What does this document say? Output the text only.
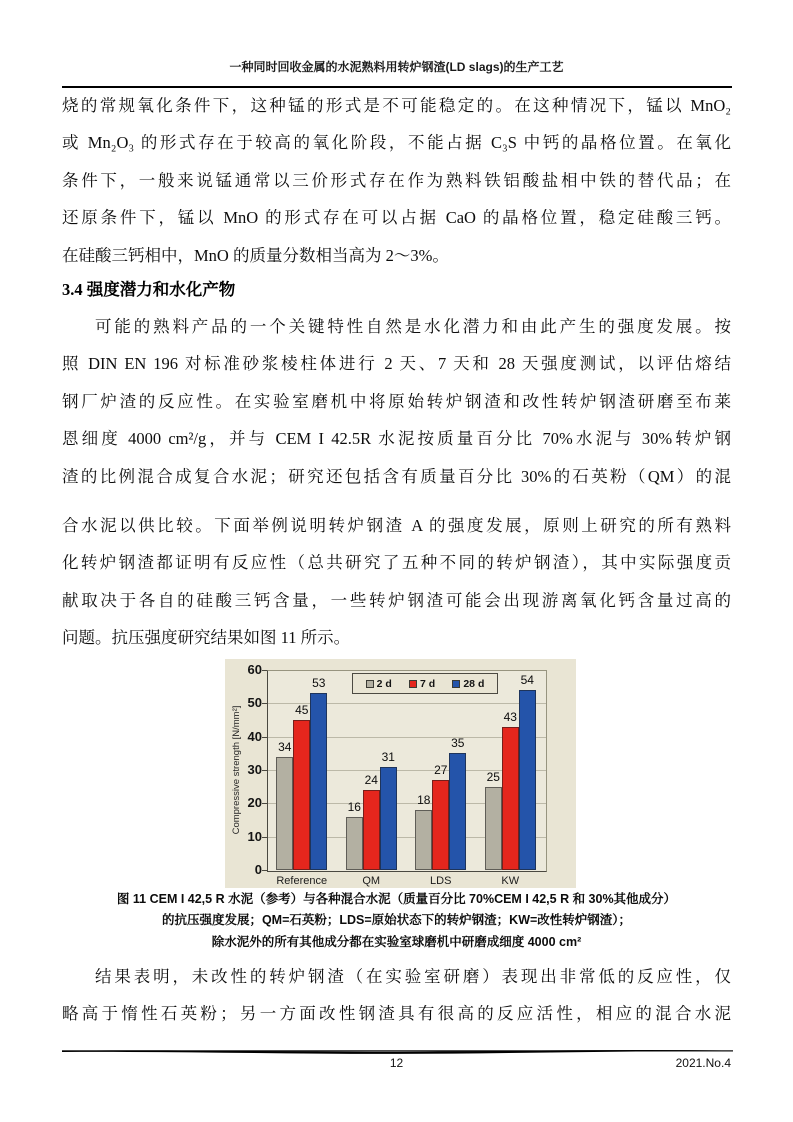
一种同时回收金属的水泥熟料用转炉钢渣(LD slags)的生产工艺
烧的常规氧化条件下，这种锰的形式是不可能稳定的。在这种情况下，锰以 MnO₂
或 Mn₂O₃ 的形式存在于较高的氧化阶段，不能占据 C₃S 中钙的晶格位置。在氧化
条件下，一般来说锰通常以三价形式存在作为熟料铁铝酸盐相中铁的替代品；在
还原条件下，锰以 MnO 的形式存在可以占据 CaO 的晶格位置，稳定硅酸三钙。
在硅酸三钙相中，MnO 的质量分数相当高为 2～3%。
3.4 强度潜力和水化产物
可能的熟料产品的一个关键特性自然是水化潜力和由此产生的强度发展。按
照 DIN EN 196 对标准砂浆棱柱体进行 2 天、7 天和 28 天强度测试，以评估熔结
钢厂炉渣的反应性。在实验室磨机中将原始转炉钢渣和改性转炉钢渣研磨至布莱
恩细度 4000 cm²/g，并与 CEM I 42.5R 水泥按质量百分比 70%水泥与 30%转炉钢
渣的比例混合成复合水泥；研究还包括含有质量百分比 30%的石英粉（QM）的混
合水泥以供比较。下面举例说明转炉钢渣 A 的强度发展，原则上研究的所有熟料
化转炉钢渣都证明有反应性（总共研究了五种不同的转炉钢渣），其中实际强度贡
献取决于各自的硅酸三钙含量，一些转炉钢渣可能会出现游离氧化钙含量过高的
问题。抗压强度研究结果如图 11 所示。
Compressive strength [N/mm²]
2 d	7 d	28 d
0
10
20
30
40
50
60
Reference
34
45
53
QM
16
24
31
LDS
18
27
35
KW
25
43
54
图 11 CEM I 42,5 R 水泥（参考）与各种混合水泥（质量百分比 70%CEM I 42,5 R 和 30%其他成分）
的抗压强度发展；QM=石英粉；LDS=原始状态下的转炉钢渣；KW=改性转炉钢渣）；
除水泥外的所有其他成分都在实验室球磨机中研磨成细度 4000 cm²
结果表明，未改性的转炉钢渣（在实验室研磨）表现出非常低的反应性，仅
略高于惰性石英粉；另一方面改性钢渣具有很高的反应活性，相应的混合水泥
12	2021.No.4
